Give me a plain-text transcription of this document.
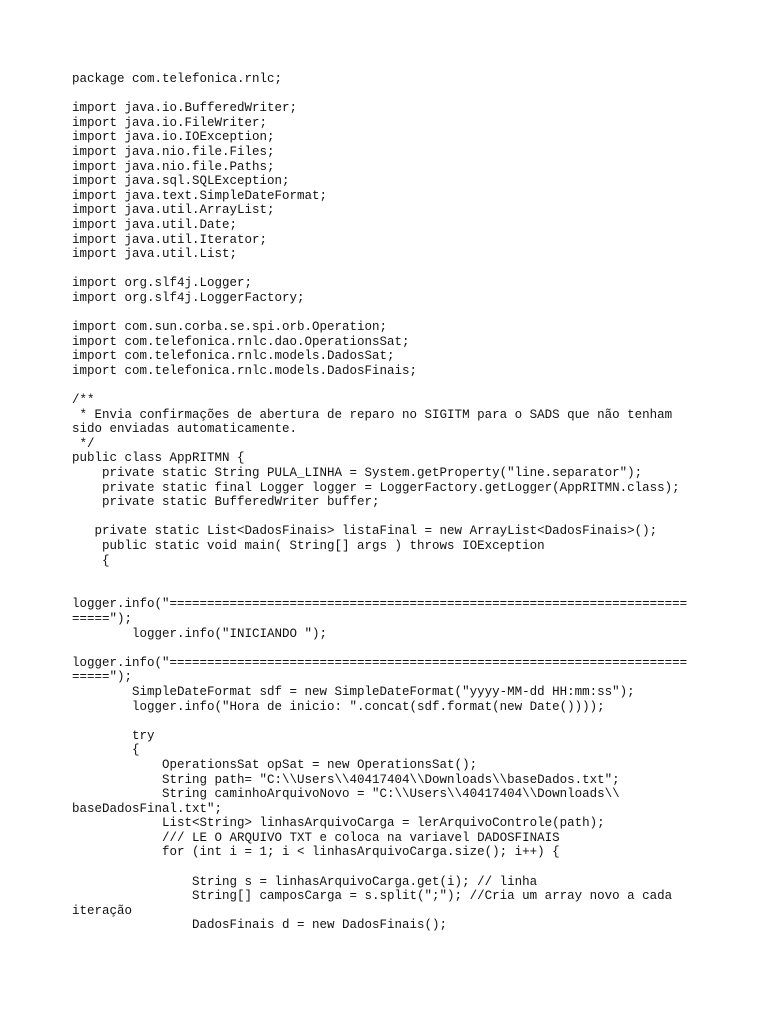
package com.telefonica.rnlc;
import java.io.BufferedWriter;
import java.io.FileWriter;
import java.io.IOException;
import java.nio.file.Files;
import java.nio.file.Paths;
import java.sql.SQLException;
import java.text.SimpleDateFormat;
import java.util.ArrayList;
import java.util.Date;
import java.util.Iterator;
import java.util.List;
import org.slf4j.Logger;
import org.slf4j.LoggerFactory;
import com.sun.corba.se.spi.orb.Operation;
import com.telefonica.rnlc.dao.OperationsSat;
import com.telefonica.rnlc.models.DadosSat;
import com.telefonica.rnlc.models.DadosFinais;
/**
* Envia confirmações de abertura de reparo no SIGITM para o SADS que não tenham
sido enviadas automaticamente.
*/
public class AppRITMN {
private static String PULA_LINHA = System.getProperty("line.separator");
private static final Logger logger = LoggerFactory.getLogger(AppRITMN.class);
private static BufferedWriter buffer;
private static List<DadosFinais> listaFinal = new ArrayList<DadosFinais>();
public static void main( String[] args ) throws IOException
{
logger.info("=====================================================================
=====");
logger.info("INICIANDO ");
logger.info("=====================================================================
=====");
SimpleDateFormat sdf = new SimpleDateFormat("yyyy-MM-dd HH:mm:ss");
logger.info("Hora de inicio: ".concat(sdf.format(new Date())));
try
{
OperationsSat opSat = new OperationsSat();
String path= "C:\\Users\\40417404\\Downloads\\baseDados.txt";
String caminhoArquivoNovo = "C:\\Users\\40417404\\Downloads\\
baseDadosFinal.txt";
List<String> linhasArquivoCarga = lerArquivoControle(path);
/// LE O ARQUIVO TXT e coloca na variavel DADOSFINAIS
for (int i = 1; i < linhasArquivoCarga.size(); i++) {
String s = linhasArquivoCarga.get(i); // linha
String[] camposCarga = s.split(";"); //Cria um array novo a cada
iteração
DadosFinais d = new DadosFinais();
